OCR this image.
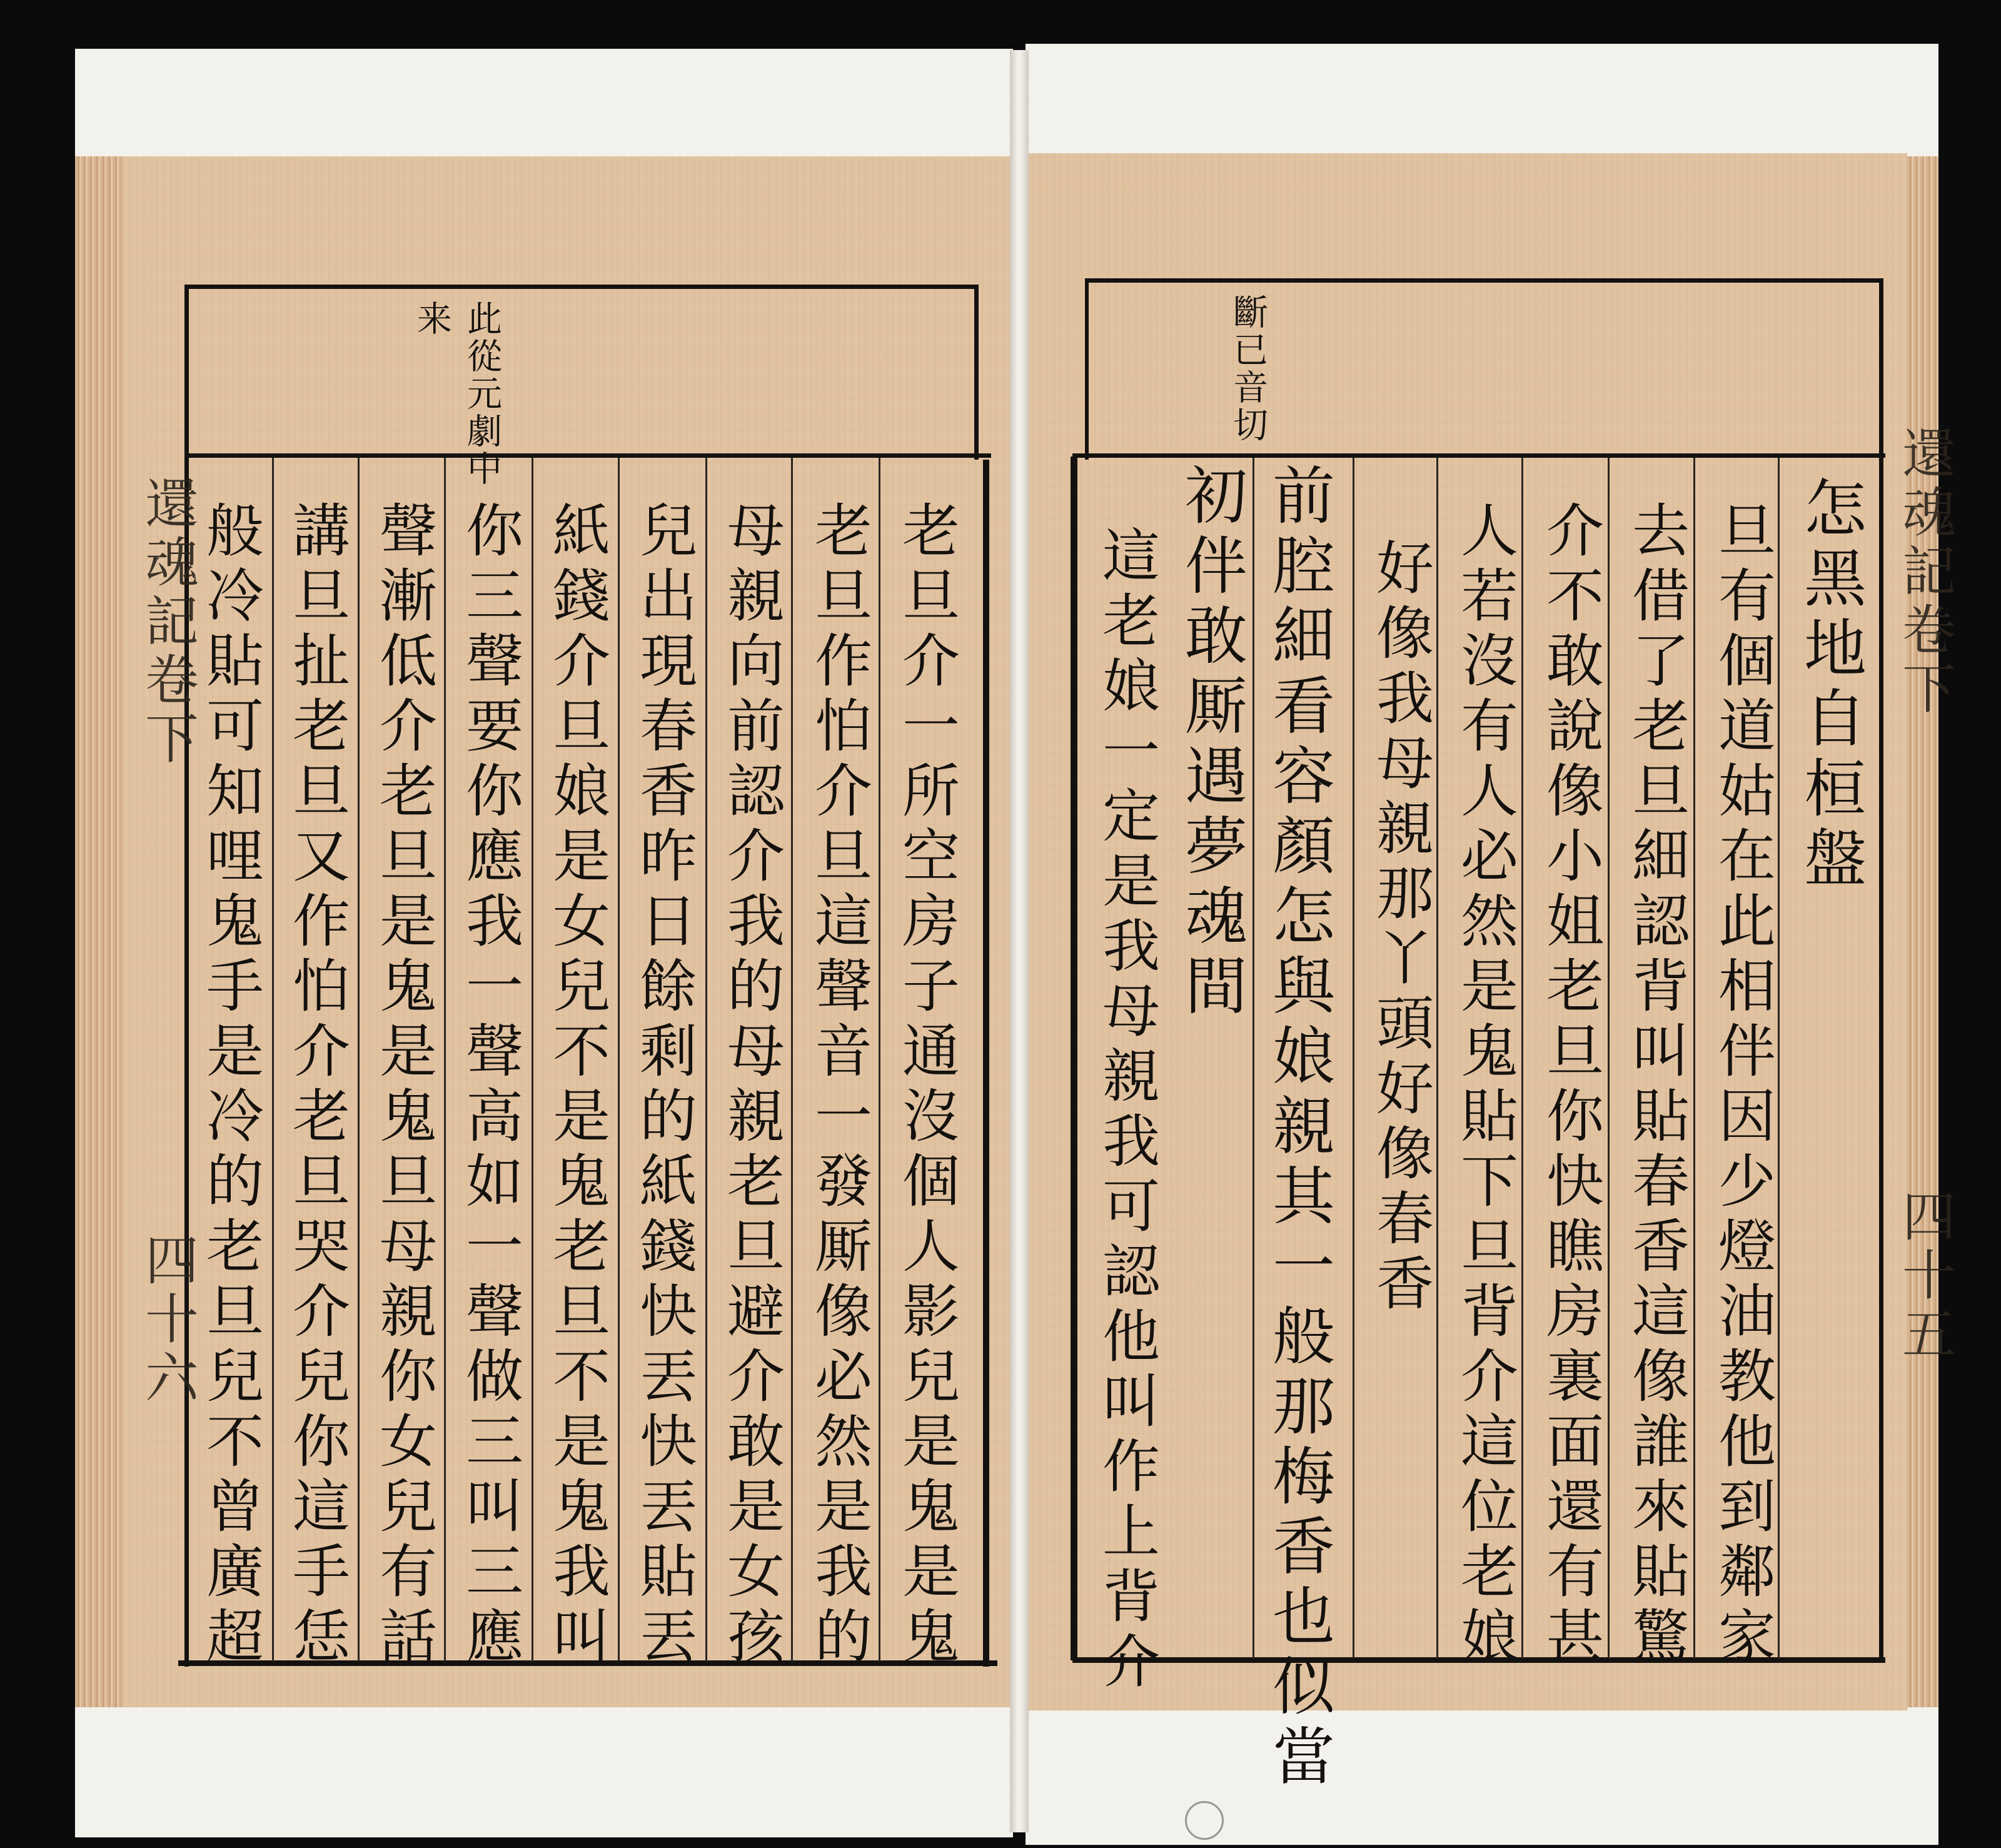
此從元劇中
来
老旦介一所空房子通沒個人影兒是鬼是鬼
老旦作怕介旦這聲音一發厮像必然是我的
母親向前認介我的母親老旦避介敢是女孩
兒出現春香昨日餘剩的紙錢快丟快丟貼丟
紙錢介旦娘是女兒不是鬼老旦不是鬼我叫
你三聲要你應我一聲高如一聲做三叫三應
聲漸低介老旦是鬼是鬼旦母親你女兒有話
講旦扯老旦又作怕介老旦哭介兒你這手恁
般冷貼可知哩鬼手是冷的老旦兒不曾廣超
還魂記卷下
四十六
斷已音切
怎黑地自桓盤
旦有個道姑在此相伴因少燈油教他到鄰家
去借了老旦細認背叫貼春香這像誰來貼驚
介不敢說像小姐老旦你快瞧房裏面還有甚
人若沒有人必然是鬼貼下旦背介這位老娘
好像我母親那丫頭好像春香
前腔細看容顏怎與娘親其一般那梅香也似當
初伴敢厮遇夢魂間
這老娘一定是我母親我可認他叫作上背介	還魂記卷下
四十五
